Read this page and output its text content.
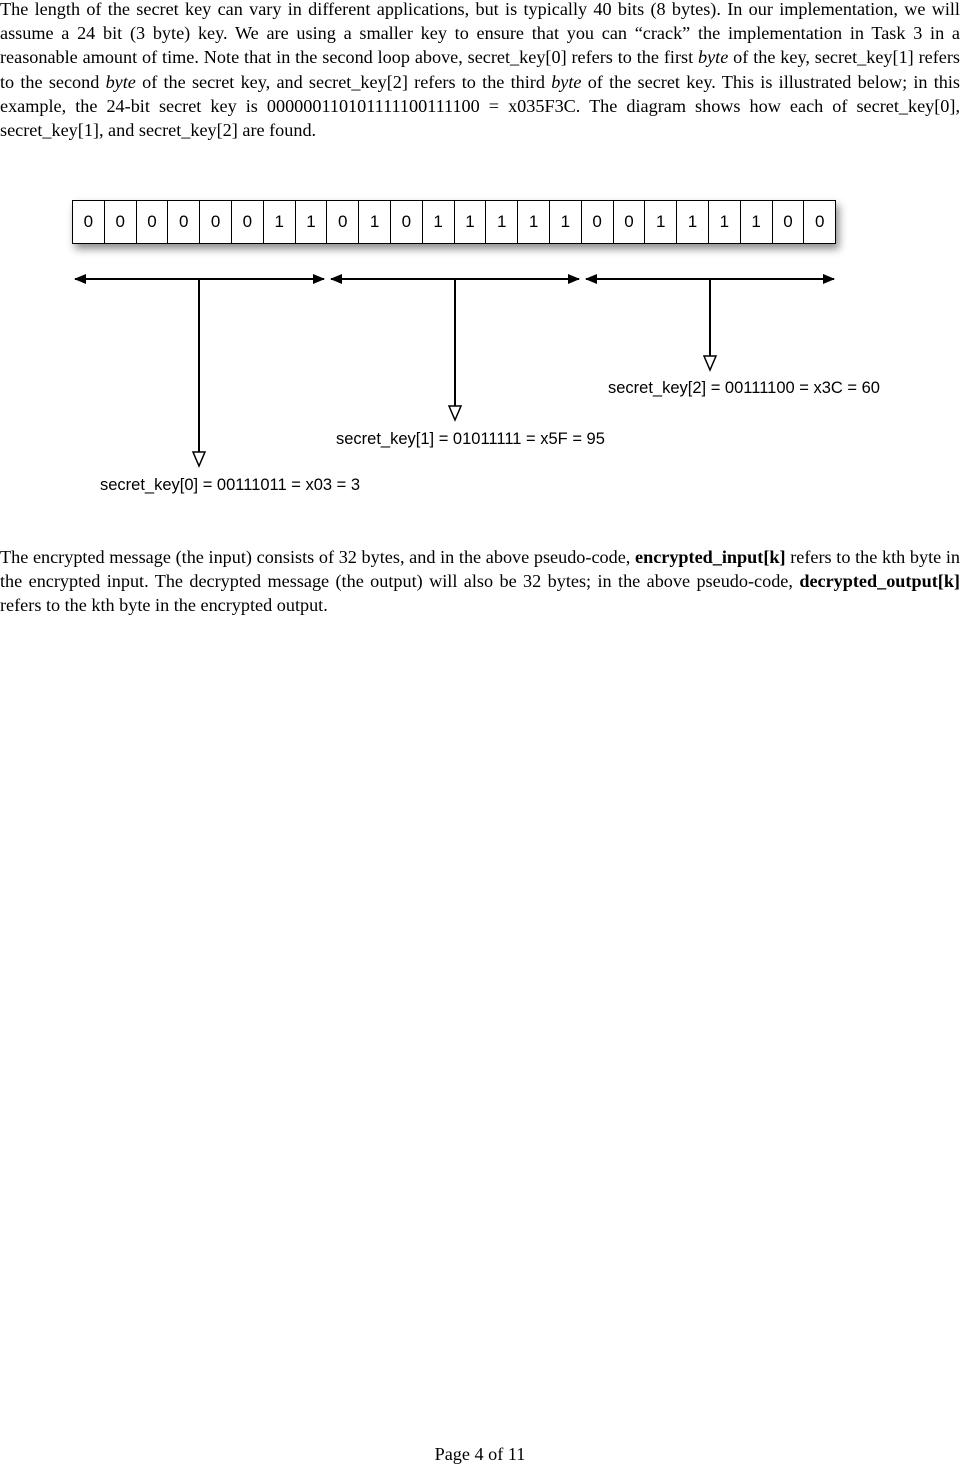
The length of the secret key can vary in different applications, but is typically 40 bits (8 bytes). In our implementation, we will assume a 24 bit (3 byte) key. We are using a smaller key to ensure that you can “crack” the implementation in Task 3 in a reasonable amount of time. Note that in the second loop above, secret_key[0] refers to the first byte of the key, secret_key[1] refers to the second byte of the secret key, and secret_key[2] refers to the third byte of the secret key. This is illustrated below; in this example, the 24-bit secret key is 000000110101111100111100 = x035F3C. The diagram shows how each of secret_key[0], secret_key[1], and secret_key[2] are found.

0	0	0	0	0	0	1	1	0	1	0	1	1	1	1	1	0	0	1	1	1	1	0	0
secret_key[2] = 00111100 = x3C = 60
secret_key[1] = 01011111 = x5F = 95
secret_key[0] = 00111011 = x03 = 3

The encrypted message (the input) consists of 32 bytes, and in the above pseudo-code, encrypted_input[k] refers to the kth byte in the encrypted input. The decrypted message (the output) will also be 32 bytes; in the above pseudo-code, decrypted_output[k] refers to the kth byte in the encrypted output.

Page 4 of 11
